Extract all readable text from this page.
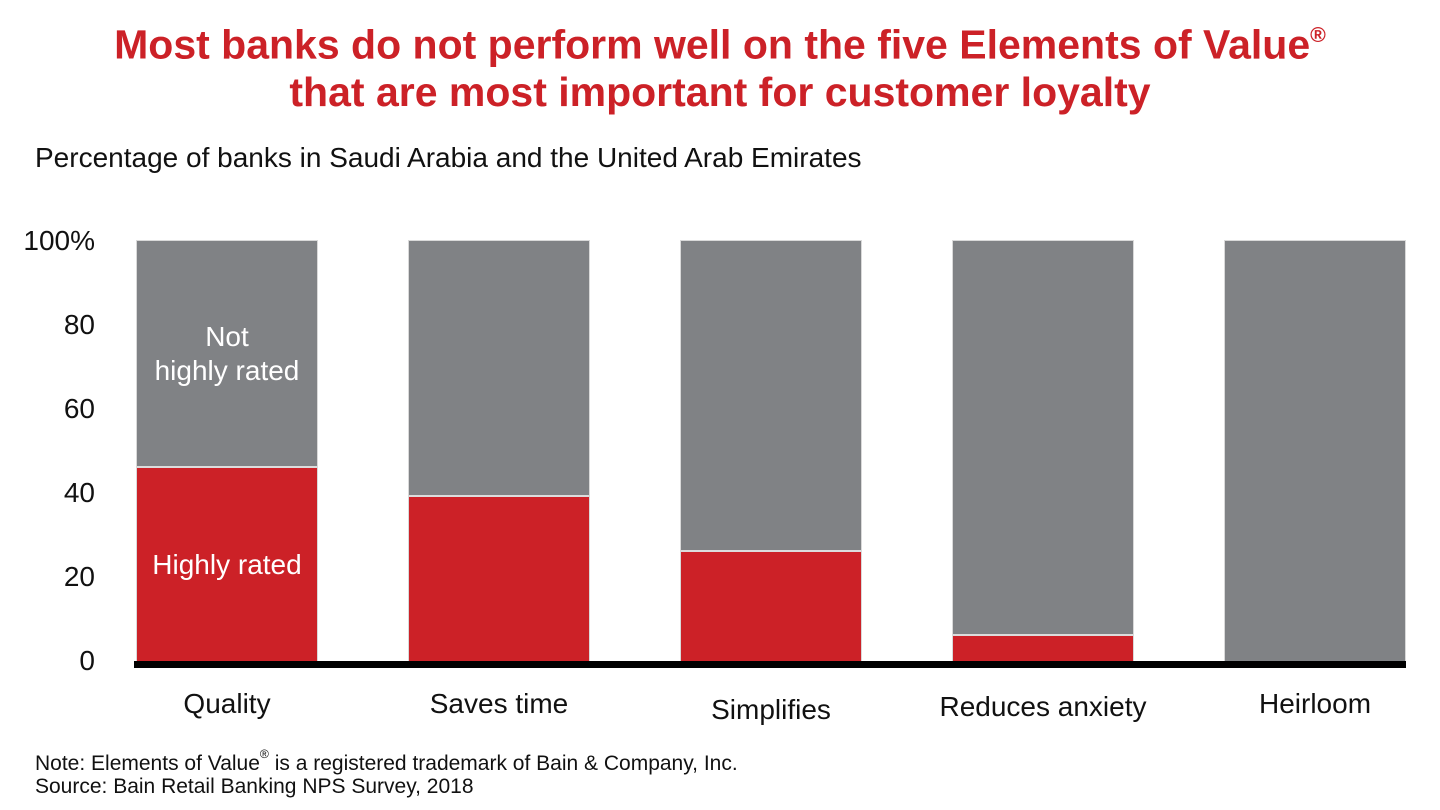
Most banks do not perform well on the five Elements of Value®
that are most important for customer loyalty
Percentage of banks in Saudi Arabia and the United Arab Emirates
100%
80
60
40
20
0
Not
highly rated
Highly rated
Quality	Saves time	Simplifies	Reduces anxiety	Heirloom
Note: Elements of Value® is a registered trademark of Bain & Company, Inc.
Source: Bain Retail Banking NPS Survey, 2018
